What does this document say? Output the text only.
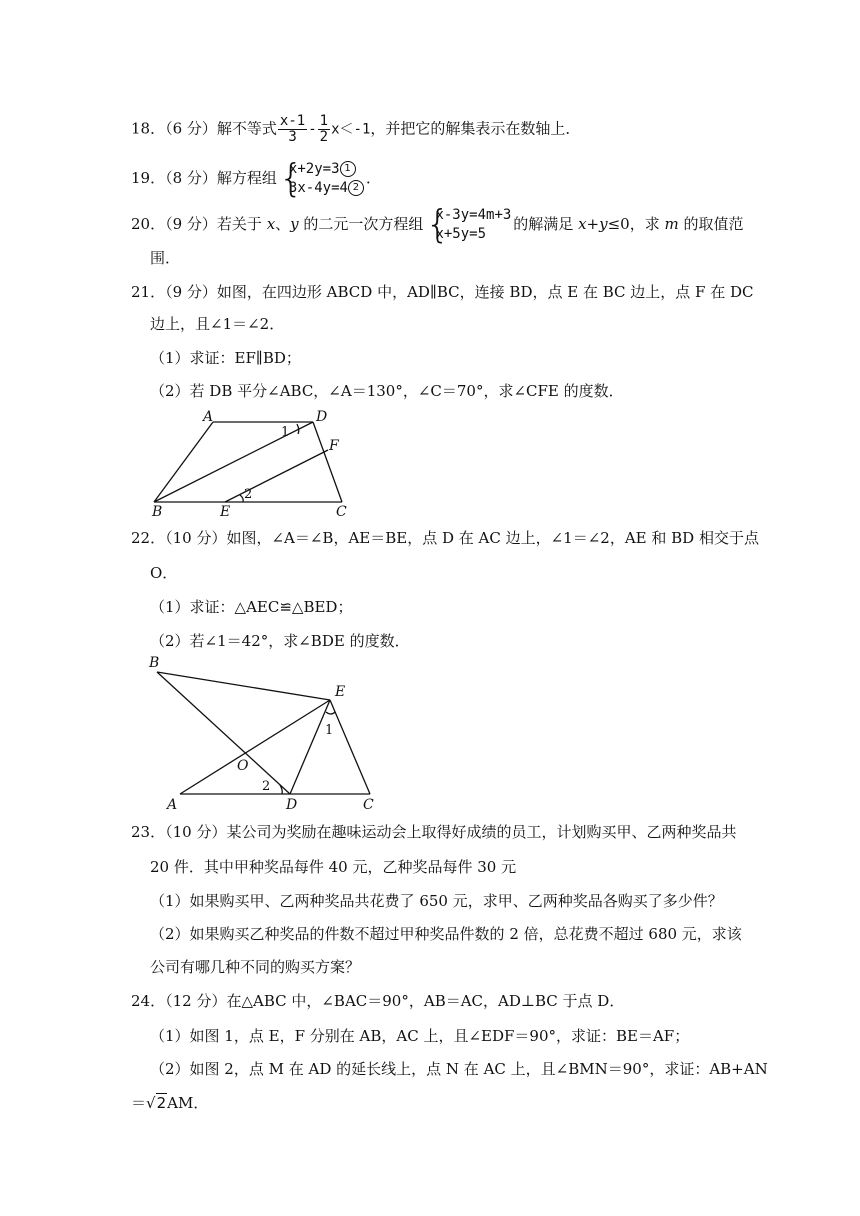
18．（6 分）解不等式 $\frac{x-1}{3} - \frac{1}{2} x<-1$，并把它的解集表示在数轴上．
19．（8 分）解方程组 {
x+2y=3 1
3x-4y=4 2
．
20．（9 分）若关于 x、y 的二元一次方程组 {
x-3y=4m+3
x+5y=5
的解满足 x+y≤0，求 m 的取值范
围．
21．（9 分）如图，在四边形 ABCD 中，AD∥BC，连接 BD，点 E 在 BC 边上，点 F 在 DC
边上，且∠1＝∠2．
（1）求证：EF∥BD；
（2）若 DB 平分∠ABC，∠A＝130°，∠C＝70°，求∠CFE 的度数．
A	D
1
F
B	E
2
C
22．（10 分）如图，∠A＝∠B，AE＝BE，点 D 在 AC 边上，∠1＝∠2，AE 和 BD 相交于点
O．
（1）求证：△AEC≌△BED；
（2）若∠1＝42°，求∠BDE 的度数．
B
E
1
O
2
A	D	C
23．（10 分）某公司为奖励在趣味运动会上取得好成绩的员工，计划购买甲、乙两种奖品共
20 件．其中甲种奖品每件 40 元，乙种奖品每件 30 元
（1）如果购买甲、乙两种奖品共花费了 650 元，求甲、乙两种奖品各购买了多少件？
（2）如果购买乙种奖品的件数不超过甲种奖品件数的 2 倍，总花费不超过 680 元，求该
公司有哪几种不同的购买方案？
24．（12 分）在△ABC 中，∠BAC＝90°，AB＝AC，AD⊥BC 于点 D．
（1）如图 1，点 E，F 分别在 AB，AC 上，且∠EDF＝90°，求证：BE＝AF；
（2）如图 2，点 M 在 AD 的延长线上，点 N 在 AC 上，且∠BMN＝90°，求证：AB+AN
＝√2AM．
